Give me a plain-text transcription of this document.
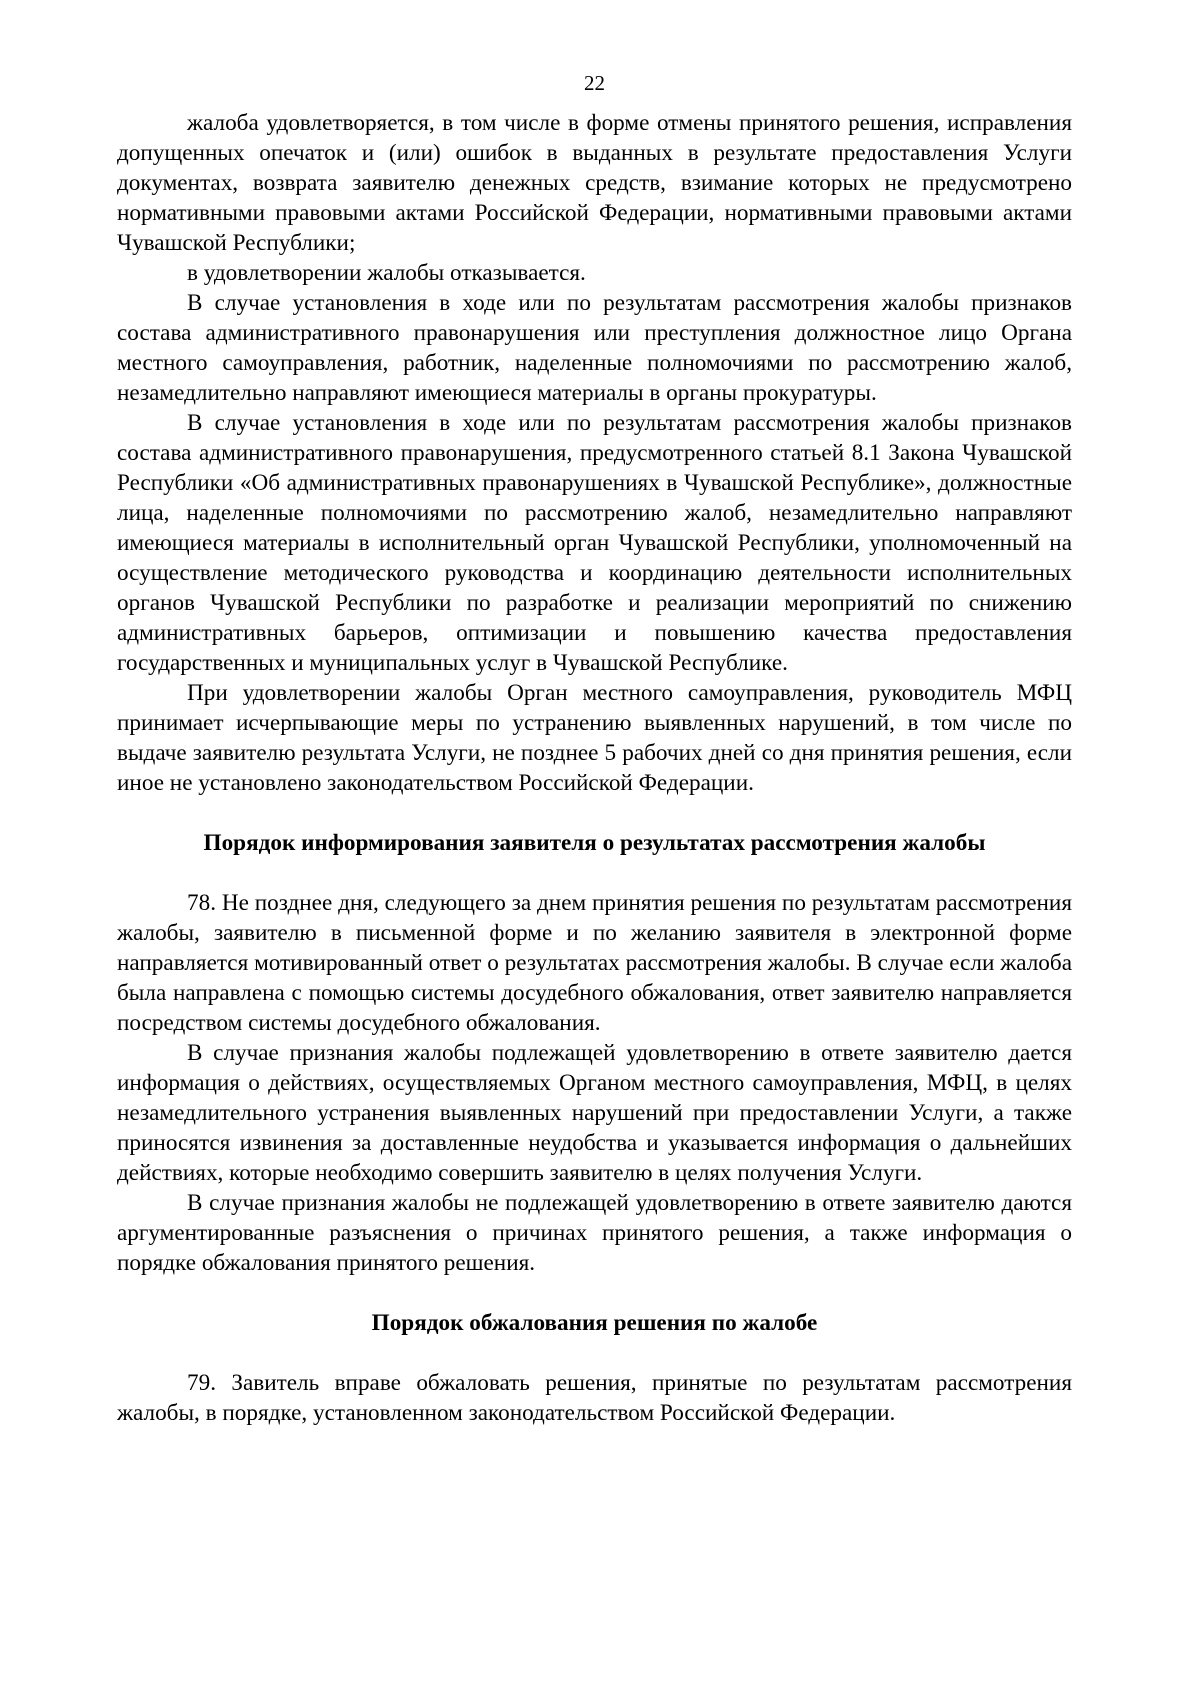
22

жалоба удовлетворяется, в том числе в форме отмены принятого решения, исправления допущенных опечаток и (или) ошибок в выданных в результате предоставления Услуги документах, возврата заявителю денежных средств, взимание которых не предусмотрено нормативными правовыми актами Российской Федерации, нормативными правовыми актами Чувашской Республики;

в удовлетворении жалобы отказывается.

В случае установления в ходе или по результатам рассмотрения жалобы признаков состава административного правонарушения или преступления должностное лицо Органа местного самоуправления, работник, наделенные полномочиями по рассмотрению жалоб, незамедлительно направляют имеющиеся материалы в органы прокуратуры.

В случае установления в ходе или по результатам рассмотрения жалобы признаков состава административного правонарушения, предусмотренного статьей 8.1 Закона Чувашской Республики «Об административных правонарушениях в Чувашской Республике», должностные лица, наделенные полномочиями по рассмотрению жалоб, незамедлительно направляют имеющиеся материалы в исполнительный орган Чувашской Республики, уполномоченный на осуществление методического руководства и координацию деятельности исполнительных органов Чувашской Республики по разработке и реализации мероприятий по снижению административных барьеров, оптимизации и повышению качества предоставления государственных и муниципальных услуг в Чувашской Республике.

При удовлетворении жалобы Орган местного самоуправления, руководитель МФЦ принимает исчерпывающие меры по устранению выявленных нарушений, в том числе по выдаче заявителю результата Услуги, не позднее 5 рабочих дней со дня принятия решения, если иное не установлено законодательством Российской Федерации.

Порядок информирования заявителя о результатах рассмотрения жалобы

78. Не позднее дня, следующего за днем принятия решения по результатам рассмотрения жалобы, заявителю в письменной форме и по желанию заявителя в электронной форме направляется мотивированный ответ о результатах рассмотрения жалобы. В случае если жалоба была направлена с помощью системы досудебного обжалования, ответ заявителю направляется посредством системы досудебного обжалования.

В случае признания жалобы подлежащей удовлетворению в ответе заявителю дается информация о действиях, осуществляемых Органом местного самоуправления, МФЦ, в целях незамедлительного устранения выявленных нарушений при предоставлении Услуги, а также приносятся извинения за доставленные неудобства и указывается информация о дальнейших действиях, которые необходимо совершить заявителю в целях получения Услуги.

В случае признания жалобы не подлежащей удовлетворению в ответе заявителю даются аргументированные разъяснения о причинах принятого решения, а также информация о порядке обжалования принятого решения.

Порядок обжалования решения по жалобе

79. Завитель вправе обжаловать решения, принятые по результатам рассмотрения жалобы, в порядке, установленном законодательством Российской Федерации.
